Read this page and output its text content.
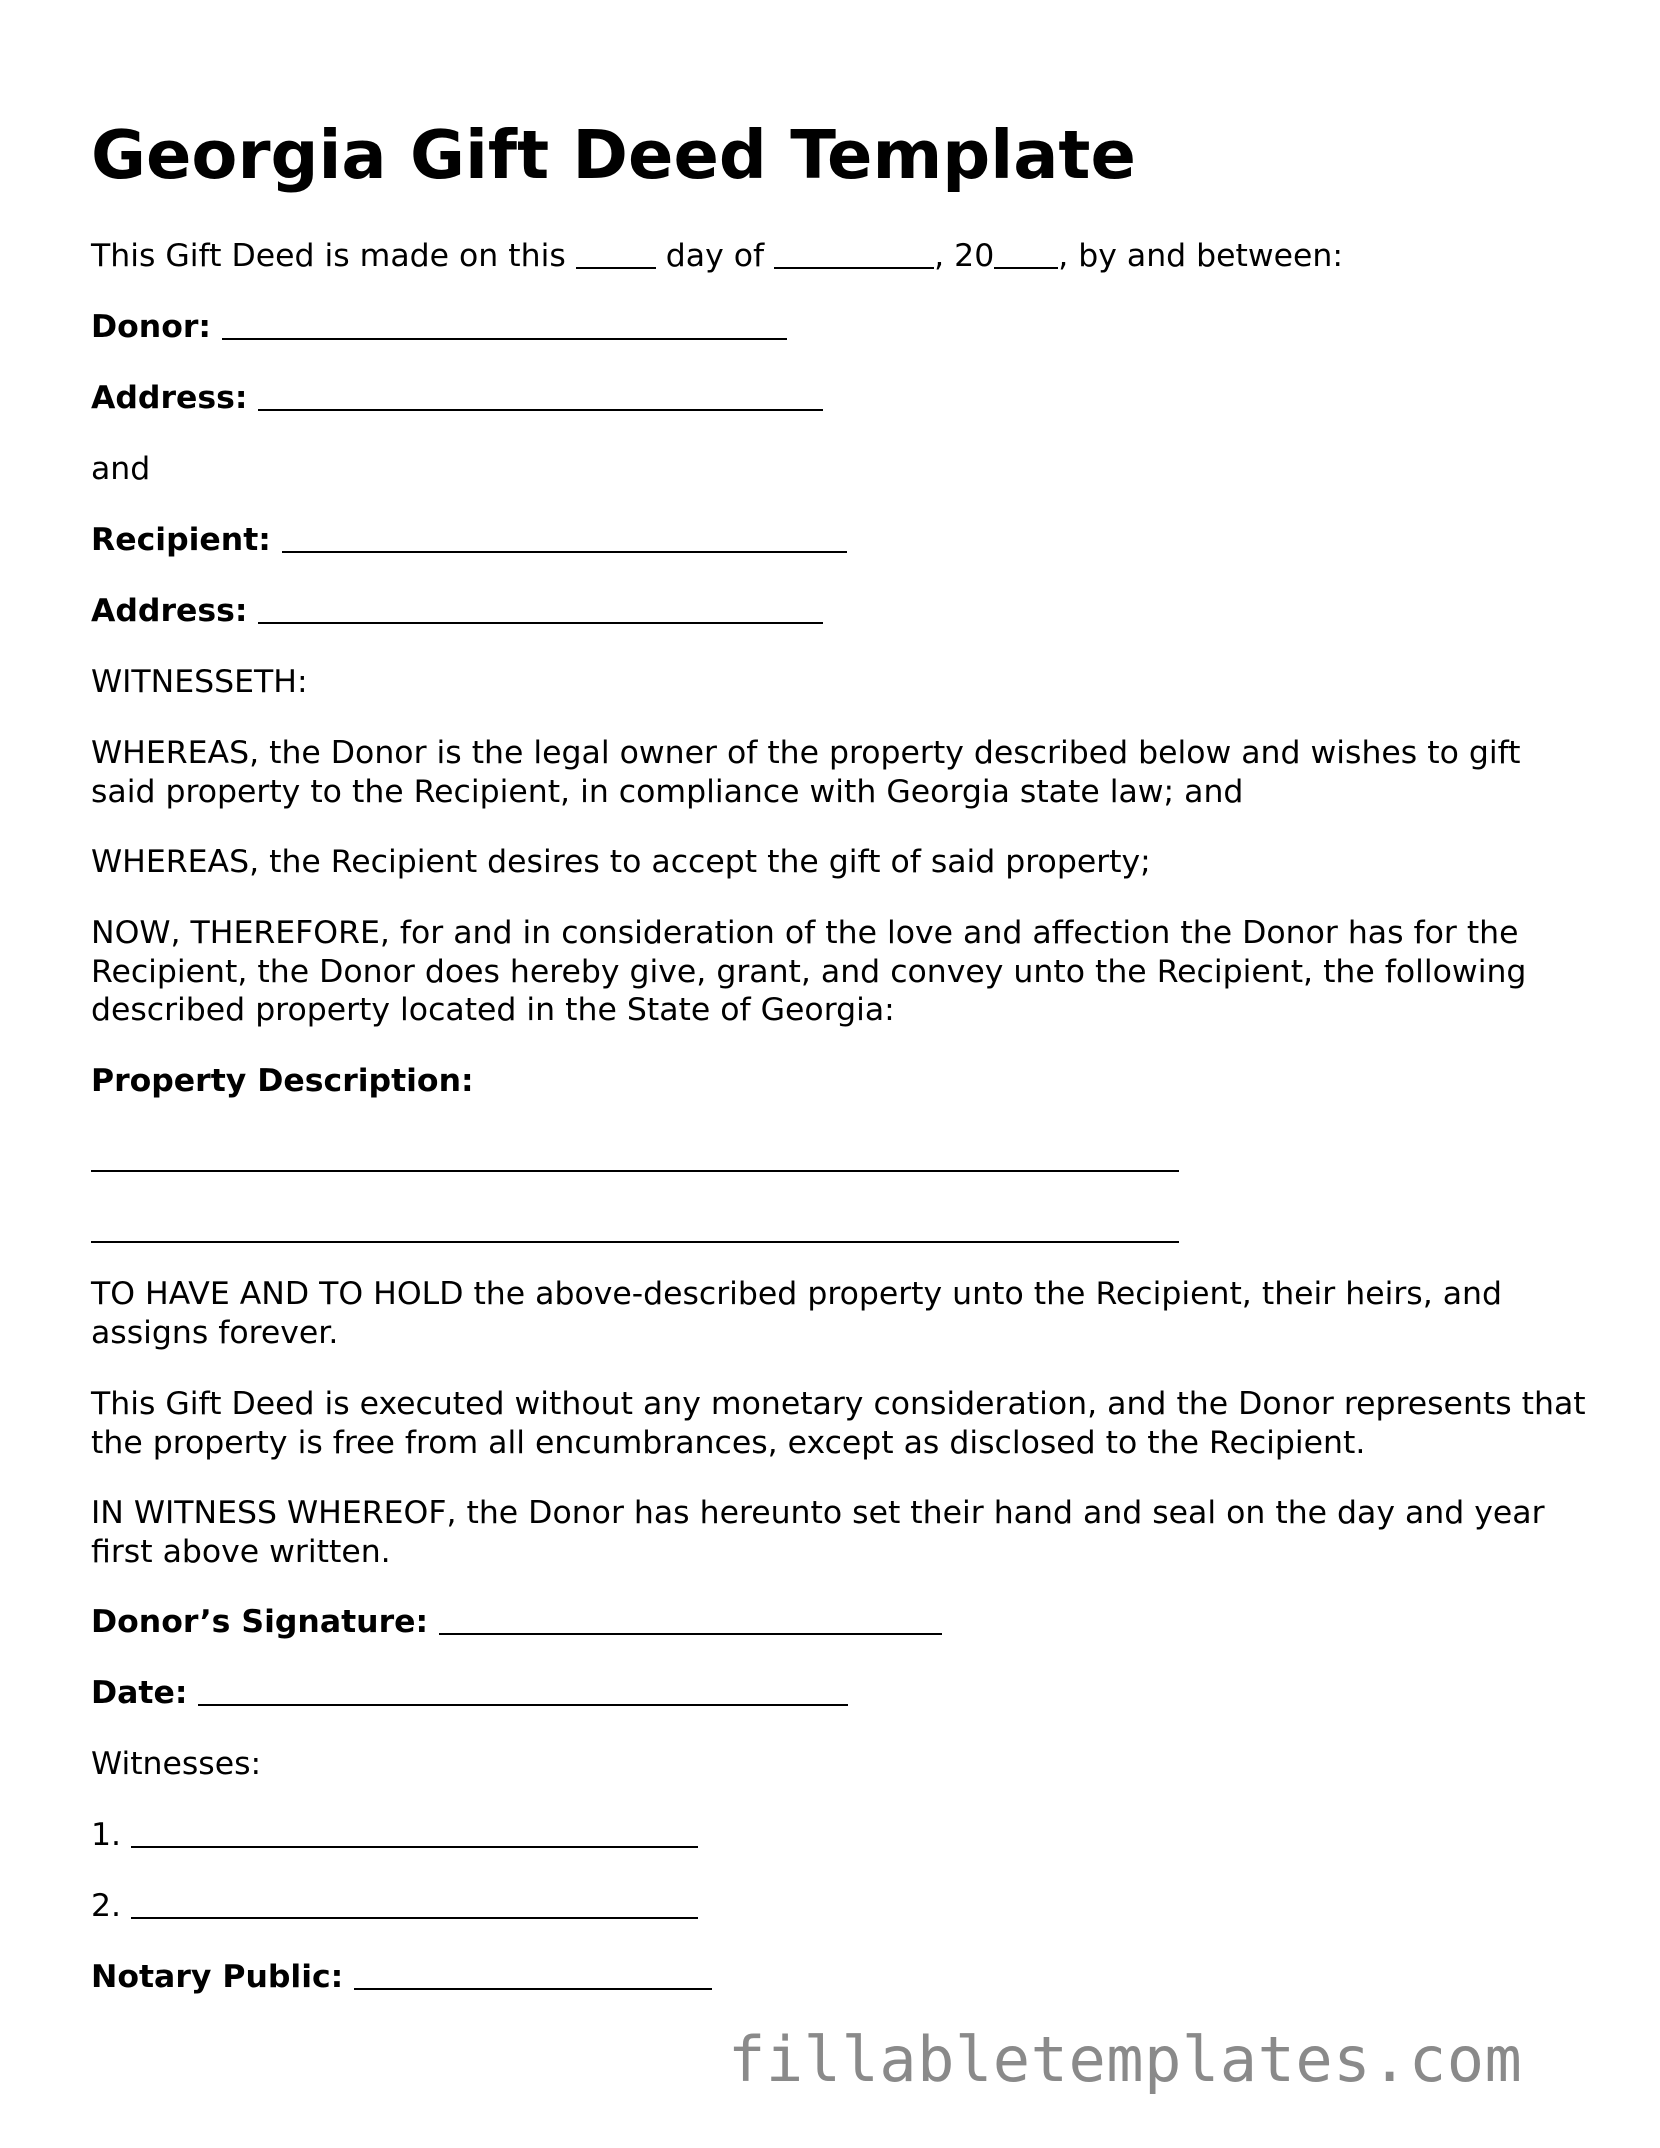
Georgia Gift Deed Template

This Gift Deed is made on this	day of	, 20 , by and between:

Donor:

Address:

and

Recipient:

Address:

WITNESSETH:

WHEREAS, the Donor is the legal owner of the property described below and wishes to gift said property to the Recipient, in compliance with Georgia state law; and

WHEREAS, the Recipient desires to accept the gift of said property;

NOW, THEREFORE, for and in consideration of the love and affection the Donor has for the Recipient, the Donor does hereby give, grant, and convey unto the Recipient, the following described property located in the State of Georgia:

Property Description:

TO HAVE AND TO HOLD the above-described property unto the Recipient, their heirs, and assigns forever.

This Gift Deed is executed without any monetary consideration, and the Donor represents that the property is free from all encumbrances, except as disclosed to the Recipient.

IN WITNESS WHEREOF, the Donor has hereunto set their hand and seal on the day and year first above written.

Donor’s Signature:

Date:

Witnesses:

1.

2.

Notary Public:

fillabletemplates.com
